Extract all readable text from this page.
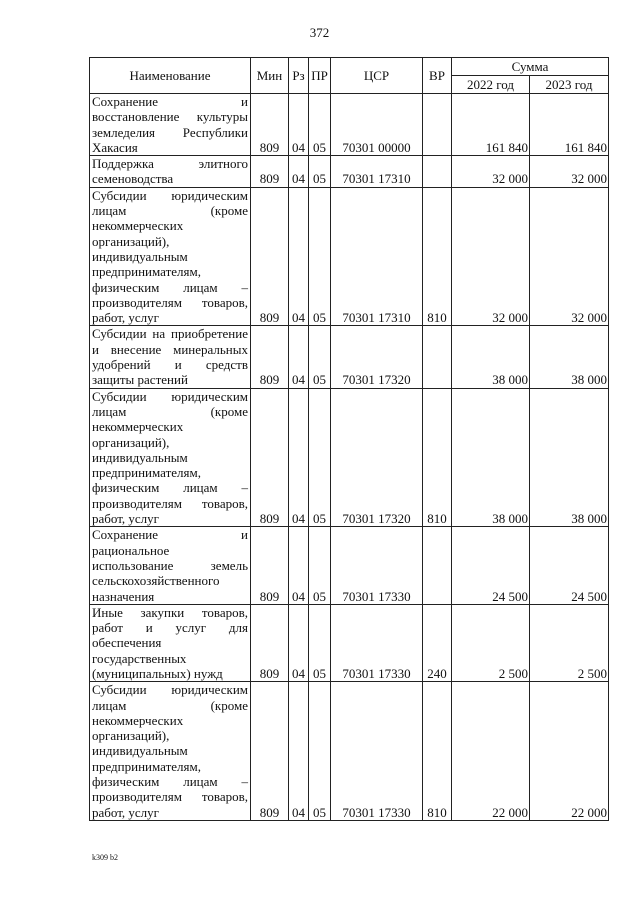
372
Наименование	Мин	Рз	ПР	ЦСР	ВР	Сумма	
						2022 год	2023 год
Сохранение и восстановление культуры земледелия Республики Хакасия	809	04	05	70301 00000		161 840	161 840
Поддержка элитного семеноводства	809	04	05	70301 17310		32 000	32 000
Субсидии юридическим лицам (кроме некоммерческих организаций), индивидуальным предпринимателям, физическим лицам – производителям товаров, работ, услуг	809	04	05	70301 17310	810	32 000	32 000
Субсидии на приобретение и внесение минеральных удобрений и средств защиты растений	809	04	05	70301 17320		38 000	38 000
Субсидии юридическим лицам (кроме некоммерческих организаций), индивидуальным предпринимателям, физическим лицам – производителям товаров, работ, услуг	809	04	05	70301 17320	810	38 000	38 000
Сохранение и рациональное использование земель сельскохозяйственного назначения	809	04	05	70301 17330		24 500	24 500
Иные закупки товаров, работ и услуг для обеспечения государственных (муниципальных) нужд	809	04	05	70301 17330	240	2 500	2 500
Субсидии юридическим лицам (кроме некоммерческих организаций), индивидуальным предпринимателям, физическим лицам – производителям товаров, работ, услуг	809	04	05	70301 17330	810	22 000	22 000
k309 b2
